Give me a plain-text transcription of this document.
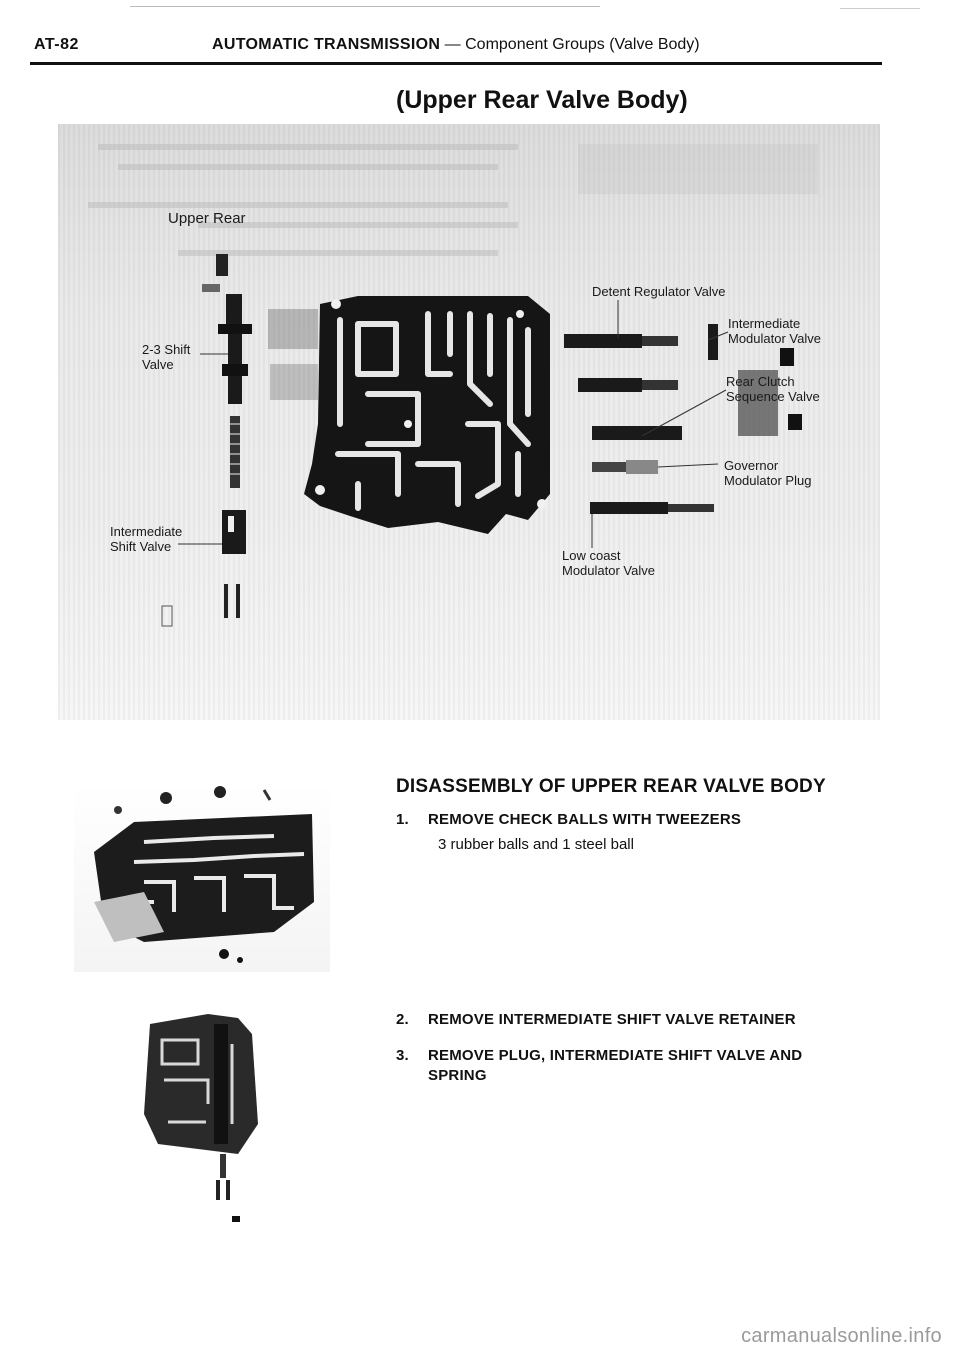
AT-82	AUTOMATIC TRANSMISSION — Component Groups (Valve Body)
(Upper Rear Valve Body)
Upper Rear
2-3 Shift
Valve
Intermediate
Shift Valve
Detent Regulator Valve
Intermediate
Modulator Valve
Rear Clutch
Sequence Valve
Governor
Modulator Plug
Low coast
Modulator Valve
DISASSEMBLY OF UPPER REAR VALVE BODY
1. REMOVE CHECK BALLS WITH TWEEZERS
3 rubber balls and 1 steel ball
2. REMOVE INTERMEDIATE SHIFT VALVE RETAINER
3. REMOVE PLUG, INTERMEDIATE SHIFT VALVE AND
SPRING
carmanualsonline.info
